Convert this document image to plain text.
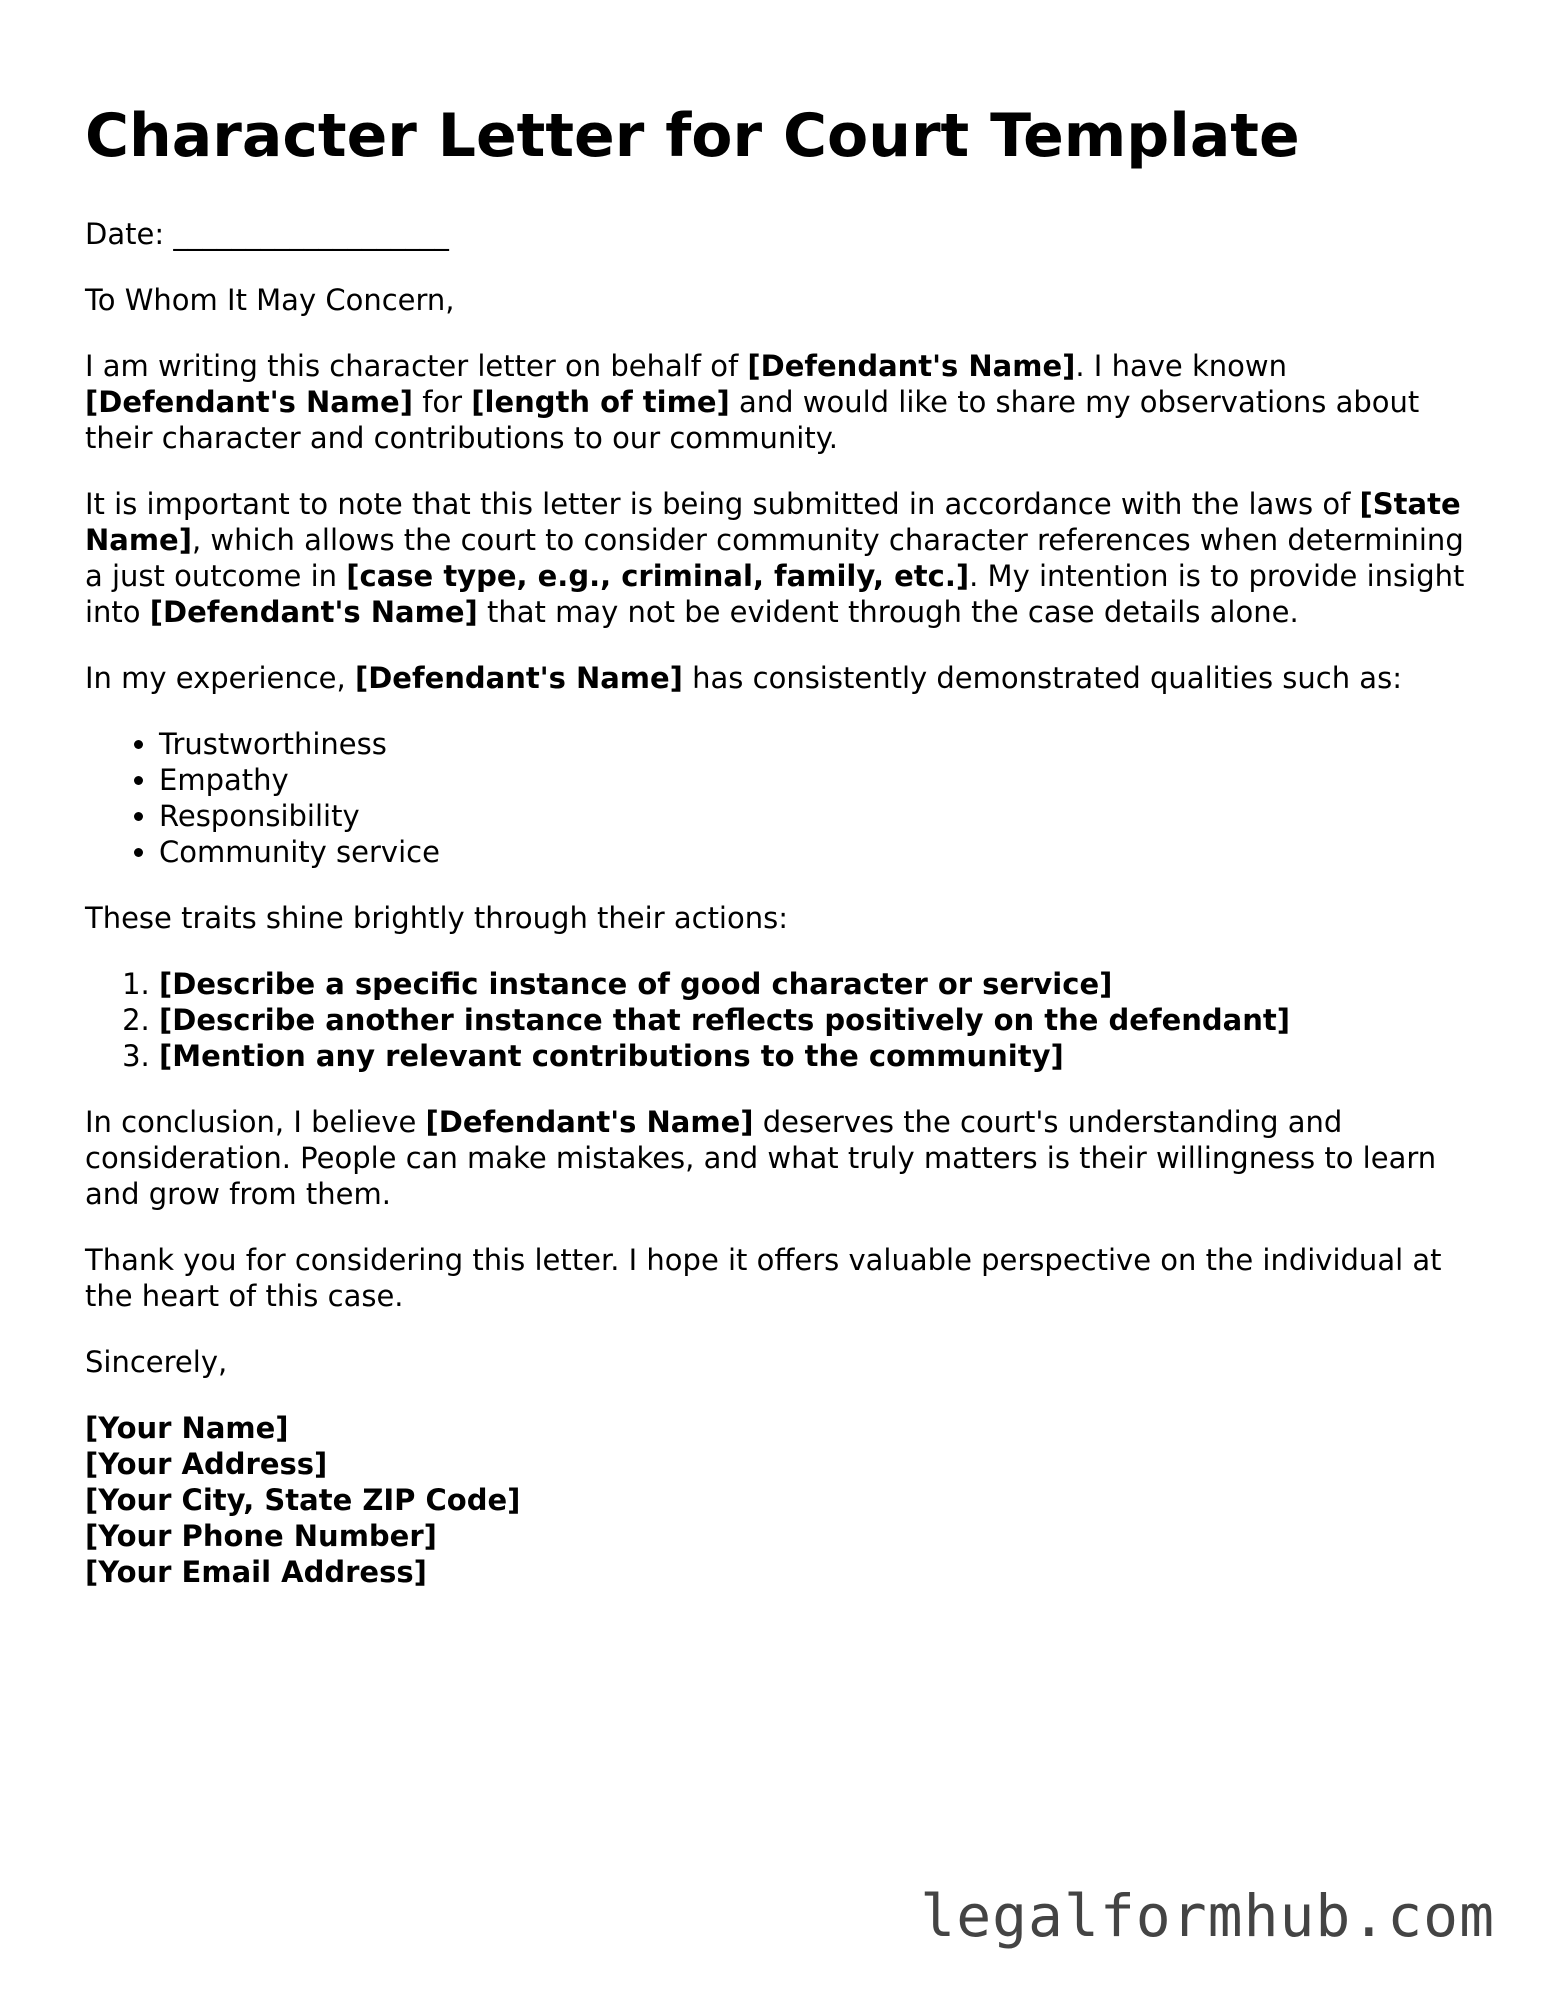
Character Letter for Court Template

Date: ___________________

To Whom It May Concern,

I am writing this character letter on behalf of [Defendant's Name]. I have known [Defendant's Name] for [length of time] and would like to share my observations about their character and contributions to our community.

It is important to note that this letter is being submitted in accordance with the laws of [State Name], which allows the court to consider community character references when determining a just outcome in [case type, e.g., criminal, family, etc.]. My intention is to provide insight into [Defendant's Name] that may not be evident through the case details alone.

In my experience, [Defendant's Name] has consistently demonstrated qualities such as:

• Trustworthiness
• Empathy
• Responsibility
• Community service

These traits shine brightly through their actions:

1. [Describe a specific instance of good character or service]
2. [Describe another instance that reflects positively on the defendant]
3. [Mention any relevant contributions to the community]

In conclusion, I believe [Defendant's Name] deserves the court's understanding and consideration. People can make mistakes, and what truly matters is their willingness to learn and grow from them.

Thank you for considering this letter. I hope it offers valuable perspective on the individual at the heart of this case.

Sincerely,

[Your Name]
[Your Address]
[Your City, State ZIP Code]
[Your Phone Number]
[Your Email Address]
legalformhub.com
